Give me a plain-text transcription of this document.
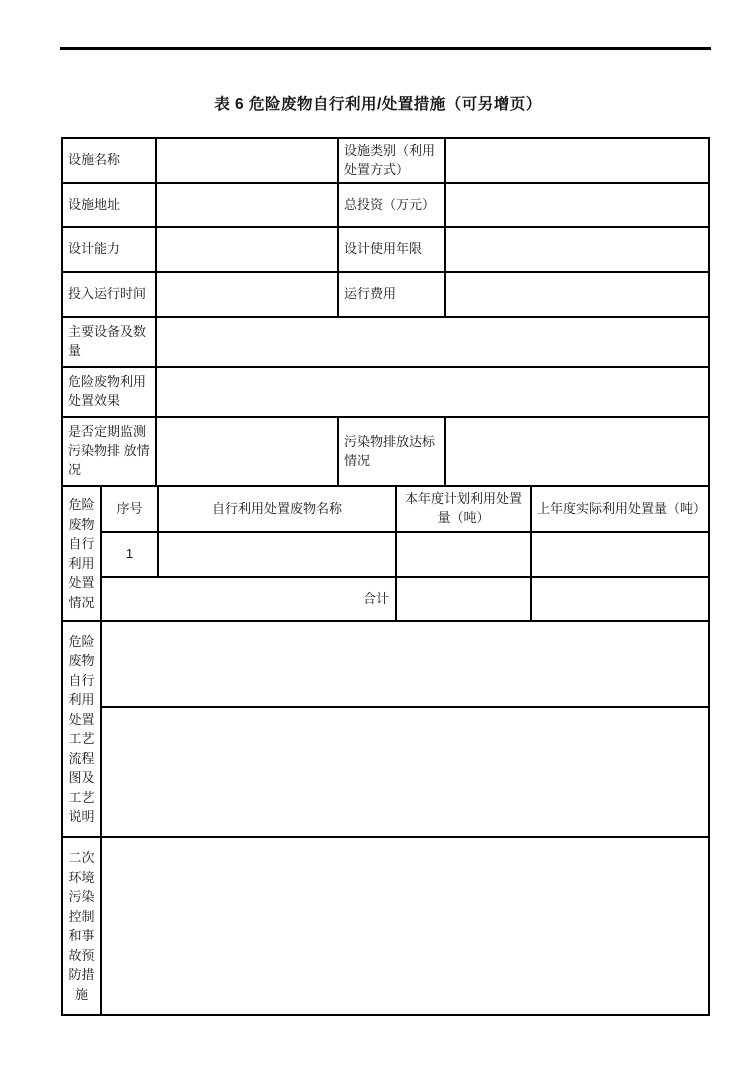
表 6 危险废物自行利用/处置措施（可另增页）
设施名称		设施类别（利用处置方式）	
设施地址		总投资（万元）	
设计能力		设计使用年限	
投入运行时间		运行费用	
主要设备及数量			
危险废物利用处置效果			
是否定期监测污染物排 放情况		污染物排放达标情况	
危险废物自行利用处置情况	序号	自行利用处置废物名称	本年度计划利用处置量（吨）	上年度实际利用处置量（吨）
	1			
	合计			
危险废物自行利用处置工艺流程图及工艺说明	

二次环境污染控制和事故预防措施	
